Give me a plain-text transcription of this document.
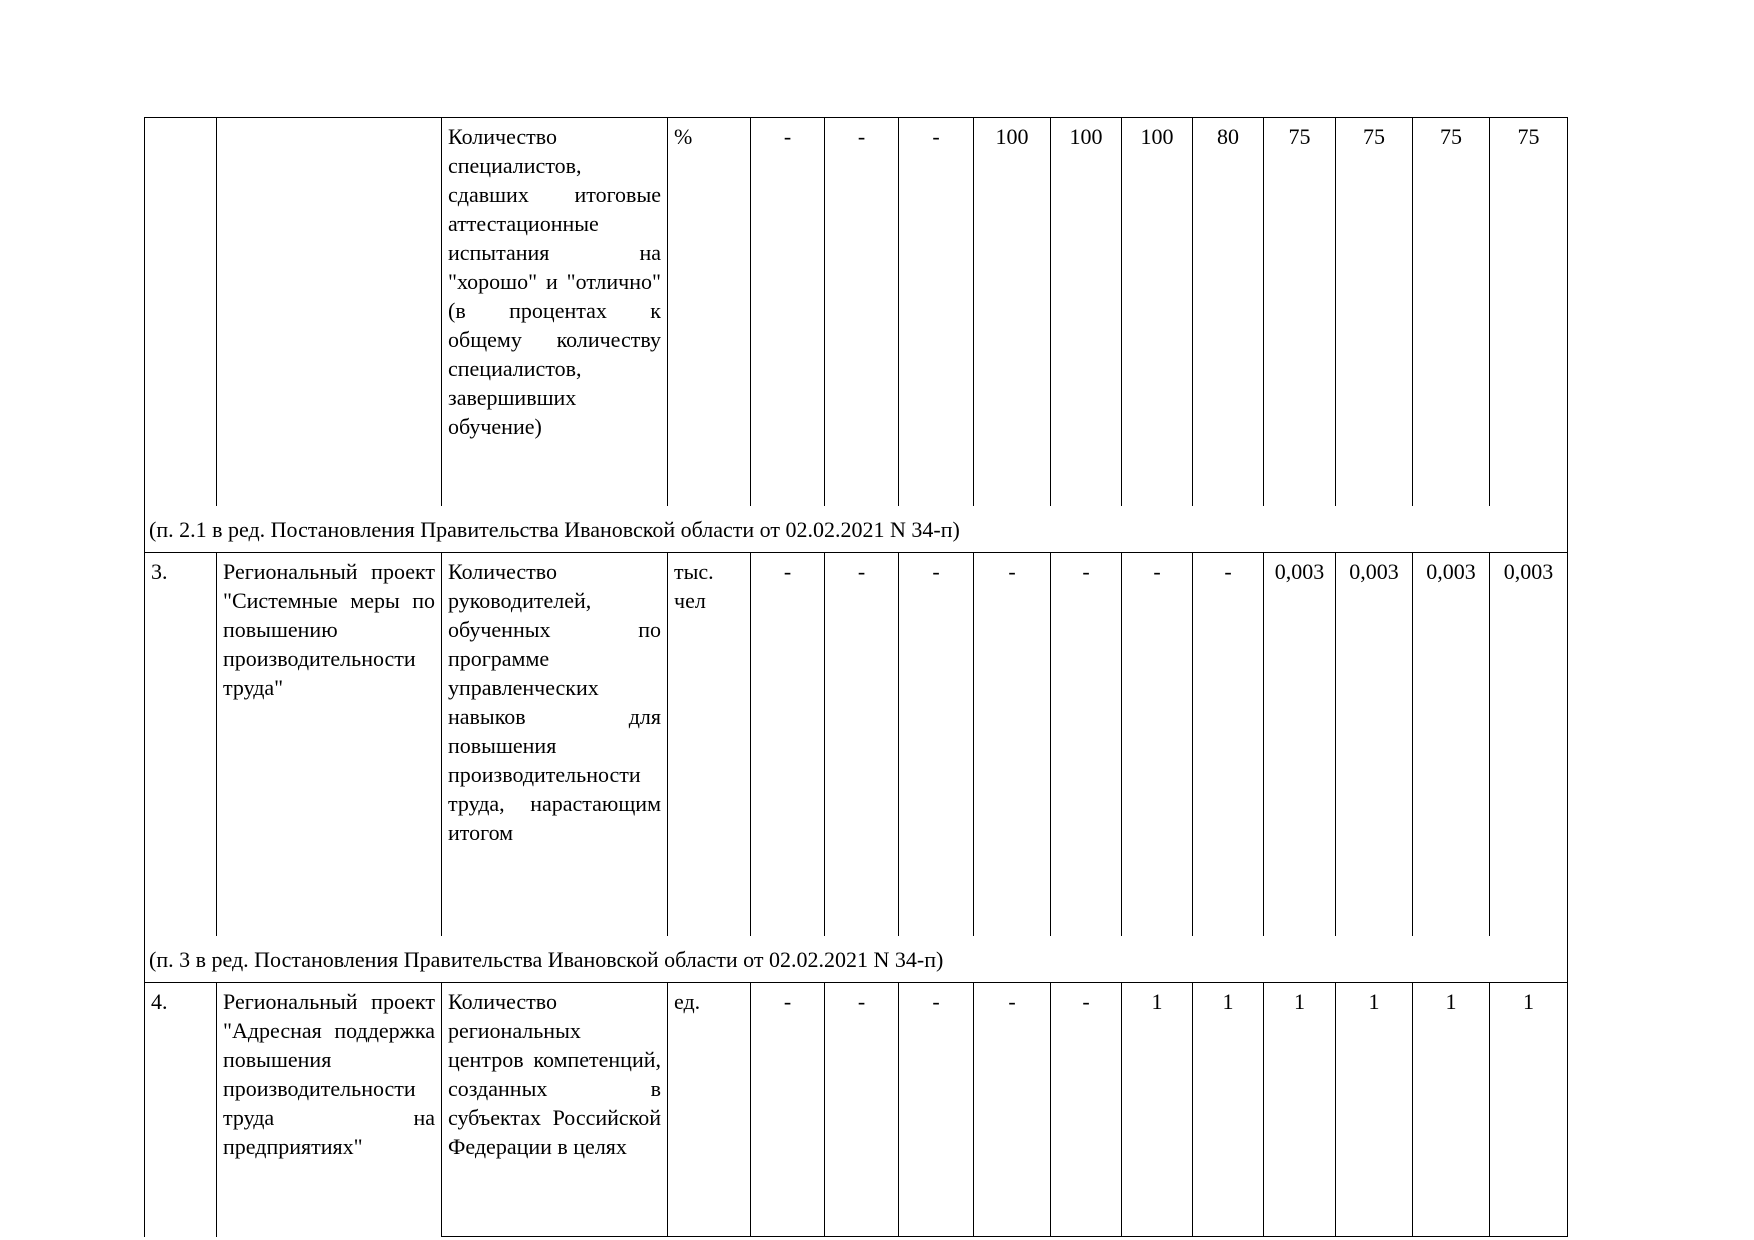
		Количество специалистов, сдавших итоговые аттестационные испытания на "хорошо" и "отлично" (в процентах к общему количеству специалистов, завершивших обучение)	%	-	-	-	100	100	100	80	75	75	75	75
(п. 2.1 в ред. Постановления Правительства Ивановской области от 02.02.2021 N 34-п)														
3.	Региональный проект "Системные меры по повышению производительности труда"	Количество руководителей, обученных по программе управленческих навыков для повышения производительности труда, нарастающим итогом	тыс. чел	-	-	-	-	-	-	-	0,003	0,003	0,003	0,003
(п. 3 в ред. Постановления Правительства Ивановской области от 02.02.2021 N 34-п)														
4.	Региональный проект "Адресная поддержка повышения производительности труда на предприятиях"	Количество региональных центров компетенций, созданных в субъектах Российской Федерации в целях	ед.	-	-	-	-	-	1	1	1	1	1	1
